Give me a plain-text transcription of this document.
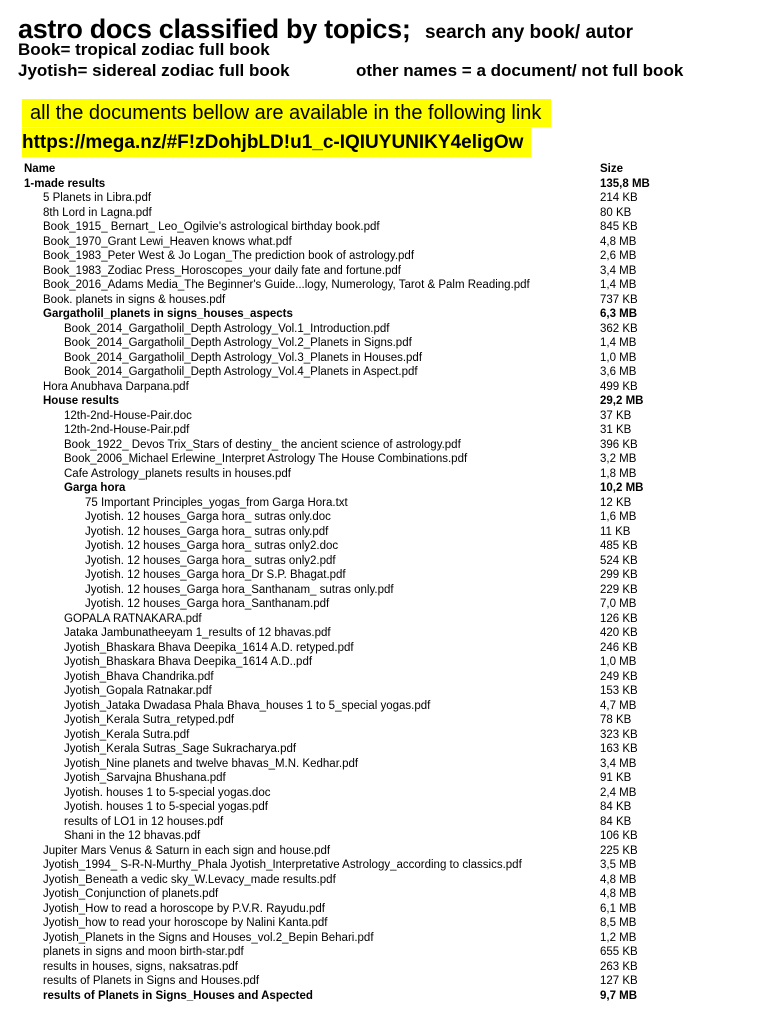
astro docs classified by topics; search any book/ autor
Book= tropical zodiac full book
Jyotish= sidereal zodiac full book	other names = a document/ not full book
all the documents bellow are available in the following link
https://mega.nz/#F!zDohjbLD!u1_c-IQIUYUNIKY4eligOw
Name	Size
1-made results	135,8 MB
5 Planets in Libra.pdf	214 KB
8th Lord in Lagna.pdf	80 KB
Book_1915_ Bernart_ Leo_Ogilvie's astrological birthday book.pdf	845 KB
Book_1970_Grant Lewi_Heaven knows what.pdf	4,8 MB
Book_1983_Peter West & Jo Logan_The prediction book of astrology.pdf	2,6 MB
Book_1983_Zodiac Press_Horoscopes_your daily fate and fortune.pdf	3,4 MB
Book_2016_Adams Media_The Beginner's Guide...logy, Numerology, Tarot & Palm Reading.pdf	1,4 MB
Book. planets in signs & houses.pdf	737 KB
Gargatholil_planets in signs_houses_aspects	6,3 MB
Book_2014_Gargatholil_Depth Astrology_Vol.1_Introduction.pdf	362 KB
Book_2014_Gargatholil_Depth Astrology_Vol.2_Planets in Signs.pdf	1,4 MB
Book_2014_Gargatholil_Depth Astrology_Vol.3_Planets in Houses.pdf	1,0 MB
Book_2014_Gargatholil_Depth Astrology_Vol.4_Planets in Aspect.pdf	3,6 MB
Hora Anubhava Darpana.pdf	499 KB
House results	29,2 MB
12th-2nd-House-Pair.doc	37 KB
12th-2nd-House-Pair.pdf	31 KB
Book_1922_ Devos Trix_Stars of destiny_ the ancient science of astrology.pdf	396 KB
Book_2006_Michael Erlewine_Interpret Astrology The House Combinations.pdf	3,2 MB
Cafe Astrology_planets results in houses.pdf	1,8 MB
Garga hora	10,2 MB
75 Important Principles_yogas_from Garga Hora.txt	12 KB
Jyotish. 12 houses_Garga hora_ sutras only.doc	1,6 MB
Jyotish. 12 houses_Garga hora_ sutras only.pdf	11 KB
Jyotish. 12 houses_Garga hora_ sutras only2.doc	485 KB
Jyotish. 12 houses_Garga hora_ sutras only2.pdf	524 KB
Jyotish. 12 houses_Garga hora_Dr S.P. Bhagat.pdf	299 KB
Jyotish. 12 houses_Garga hora_Santhanam_ sutras only.pdf	229 KB
Jyotish. 12 houses_Garga hora_Santhanam.pdf	7,0 MB
GOPALA RATNAKARA.pdf	126 KB
Jataka Jambunatheeyam 1_results of 12 bhavas.pdf	420 KB
Jyotish_Bhaskara Bhava Deepika_1614 A.D. retyped.pdf	246 KB
Jyotish_Bhaskara Bhava Deepika_1614 A.D..pdf	1,0 MB
Jyotish_Bhava Chandrika.pdf	249 KB
Jyotish_Gopala Ratnakar.pdf	153 KB
Jyotish_Jataka Dwadasa Phala Bhava_houses 1 to 5_special yogas.pdf	4,7 MB
Jyotish_Kerala Sutra_retyped.pdf	78 KB
Jyotish_Kerala Sutra.pdf	323 KB
Jyotish_Kerala Sutras_Sage Sukracharya.pdf	163 KB
Jyotish_Nine planets and twelve bhavas_M.N. Kedhar.pdf	3,4 MB
Jyotish_Sarvajna Bhushana.pdf	91 KB
Jyotish. houses 1 to 5-special yogas.doc	2,4 MB
Jyotish. houses 1 to 5-special yogas.pdf	84 KB
results of LO1 in 12 houses.pdf	84 KB
Shani in the 12 bhavas.pdf	106 KB
Jupiter Mars Venus & Saturn in each sign and house.pdf	225 KB
Jyotish_1994_ S-R-N-Murthy_Phala Jyotish_Interpretative Astrology_according to classics.pdf	3,5 MB
Jyotish_Beneath a vedic sky_W.Levacy_made results.pdf	4,8 MB
Jyotish_Conjunction of planets.pdf	4,8 MB
Jyotish_How to read a horoscope by P.V.R. Rayudu.pdf	6,1 MB
Jyotish_how to read your horoscope by Nalini Kanta.pdf	8,5 MB
Jyotish_Planets in the Signs and Houses_vol.2_Bepin Behari.pdf	1,2 MB
planets in signs and moon birth-star.pdf	655 KB
results in houses, signs, naksatras.pdf	263 KB
results of Planets in Signs and Houses.pdf	127 KB
results of Planets in Signs_Houses and Aspected	9,7 MB
